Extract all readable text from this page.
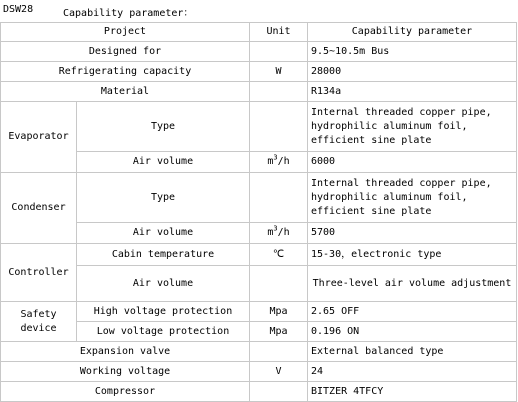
DSW28	Capability parameter：
Project		Unit	Capability parameter
Designed for			9.5~10.5m Bus
Refrigerating capacity		W	28000
Material			R134a
Evaporator	Type		Internal threaded copper pipe,
hydrophilic aluminum foil,
efficient sine plate

	Air volume	$m^3/h$	6000
Condenser	Type		Internal threaded copper pipe,
hydrophilic aluminum foil,
efficient sine plate

	Air volume	$m^3/h$	5700
Controller	Cabin temperature	℃	15-30，electronic type
	Air volume		Three-level air volume adjustment

Safety
device	High voltage protection	Mpa	2.65 OFF
	Low voltage protection	Mpa	0.196 ON
Expansion valve			External balanced type
Working voltage		V	24
Compressor			BITZER 4TFCY
